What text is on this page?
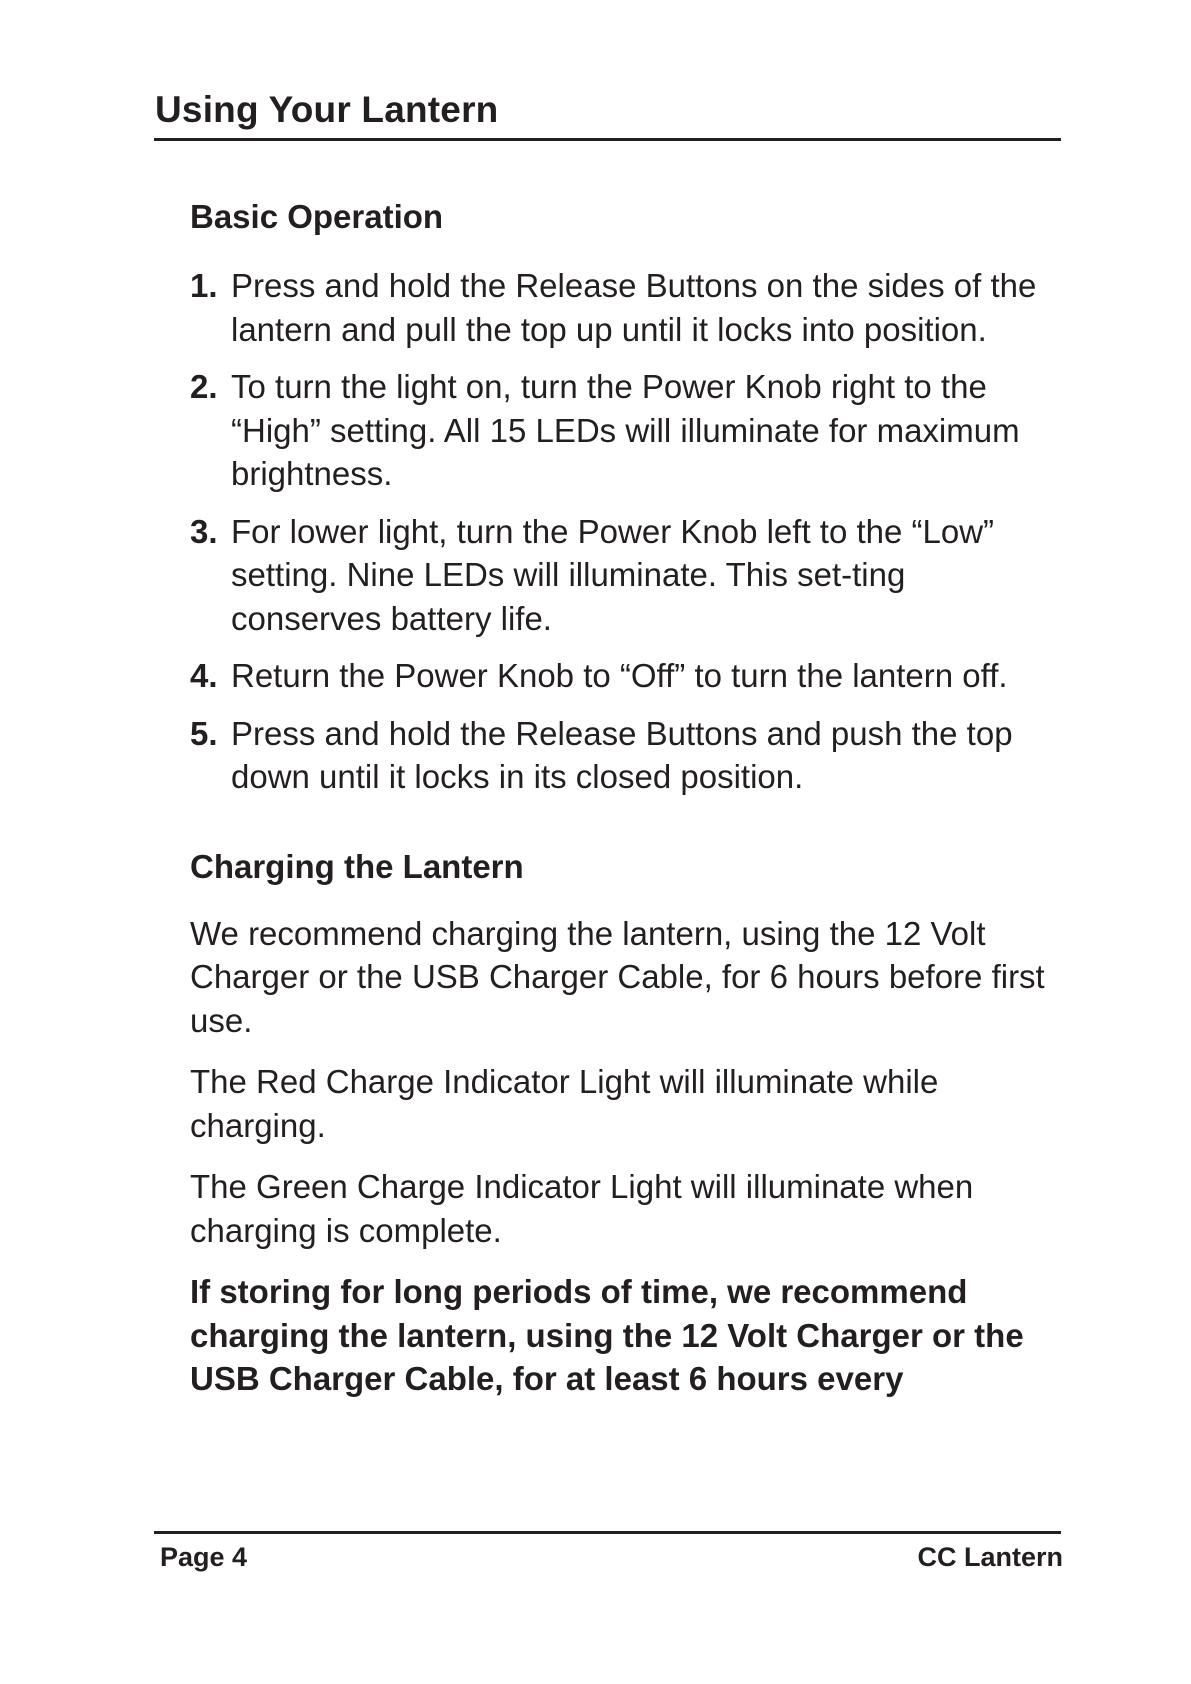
Using Your Lantern
Basic Operation
1. Press and hold the Release Buttons on the sides of the lantern and pull the top up until it locks into position.
2. To turn the light on, turn the Power Knob right to the “High” setting. All 15 LEDs will illuminate for maximum brightness.
3. For lower light, turn the Power Knob left to the “Low” setting. Nine LEDs will illuminate. This set-ting conserves battery life.
4. Return the Power Knob to “Off” to turn the lantern off.
5. Press and hold the Release Buttons and push the top down until it locks in its closed position.
Charging the Lantern

We recommend charging the lantern, using the 12 Volt Charger or the USB Charger Cable, for 6 hours before first use.

The Red Charge Indicator Light will illuminate while charging.

The Green Charge Indicator Light will illuminate when charging is complete.

If storing for long periods of time, we recommend charging the lantern, using the 12 Volt Charger or the USB Charger Cable, for at least 6 hours every

Page 4	CC Lantern
